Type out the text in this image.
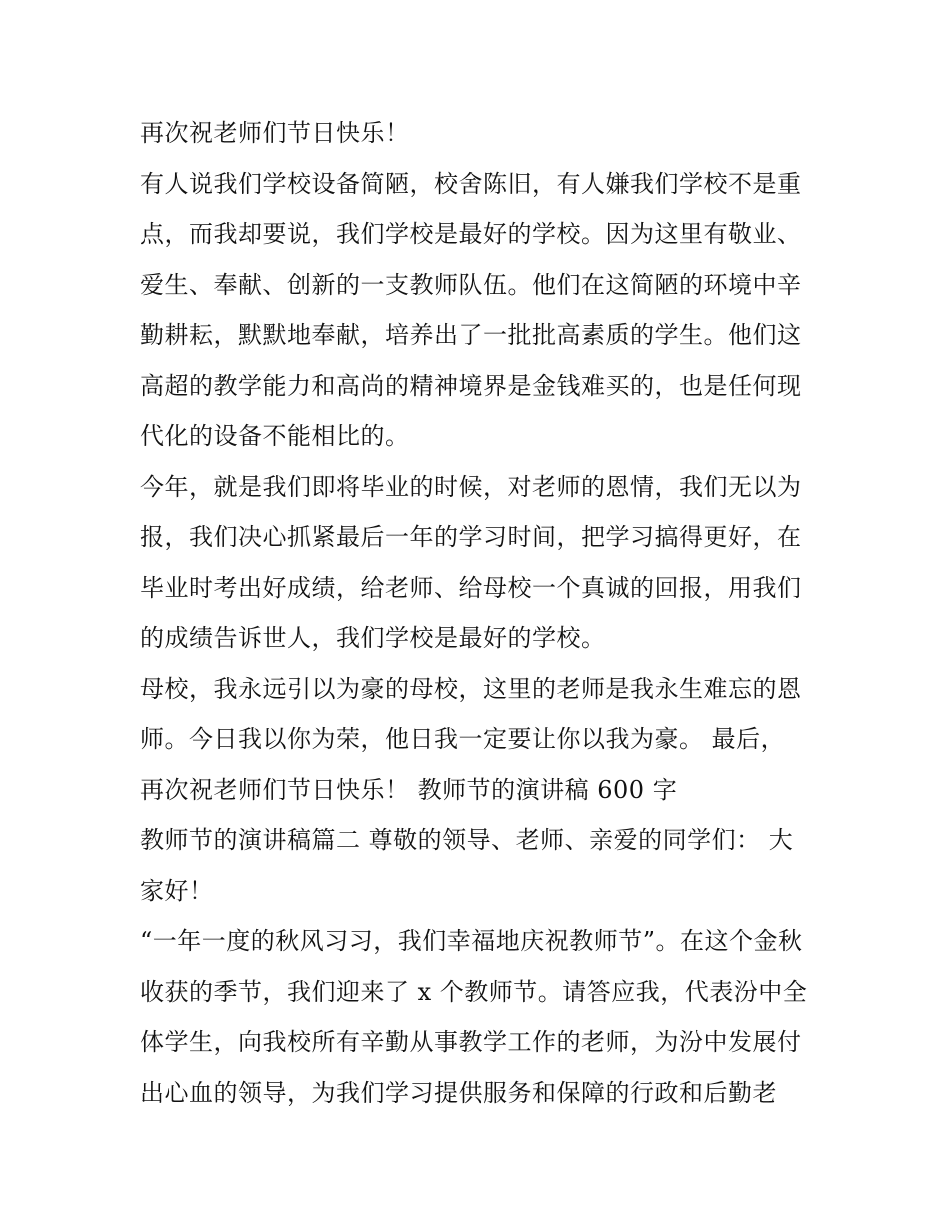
再次祝老师们节日快乐！
有人说我们学校设备简陋，校舍陈旧，有人嫌我们学校不是重
点，而我却要说，我们学校是最好的学校。因为这里有敬业、
爱生、奉献、创新的一支教师队伍。他们在这简陋的环境中辛
勤耕耘，默默地奉献，培养出了一批批高素质的学生。他们这
高超的教学能力和高尚的精神境界是金钱难买的，也是任何现
代化的设备不能相比的。
今年，就是我们即将毕业的时候，对老师的恩情，我们无以为
报，我们决心抓紧最后一年的学习时间，把学习搞得更好，在
毕业时考出好成绩，给老师、给母校一个真诚的回报，用我们
的成绩告诉世人，我们学校是最好的学校。
母校，我永远引以为豪的母校，这里的老师是我永生难忘的恩
师。今日我以你为荣，他日我一定要让你以我为豪。 最后，
再次祝老师们节日快乐！ 教师节的演讲稿 600 字
教师节的演讲稿篇二 尊敬的领导、老师、亲爱的同学们： 大
家好！
“一年一度的秋风习习，我们幸福地庆祝教师节”。在这个金秋
收获的季节，我们迎来了 x 个教师节。请答应我，代表汾中全
体学生，向我校所有辛勤从事教学工作的老师，为汾中发展付
出心血的领导，为我们学习提供服务和保障的行政和后勤老
